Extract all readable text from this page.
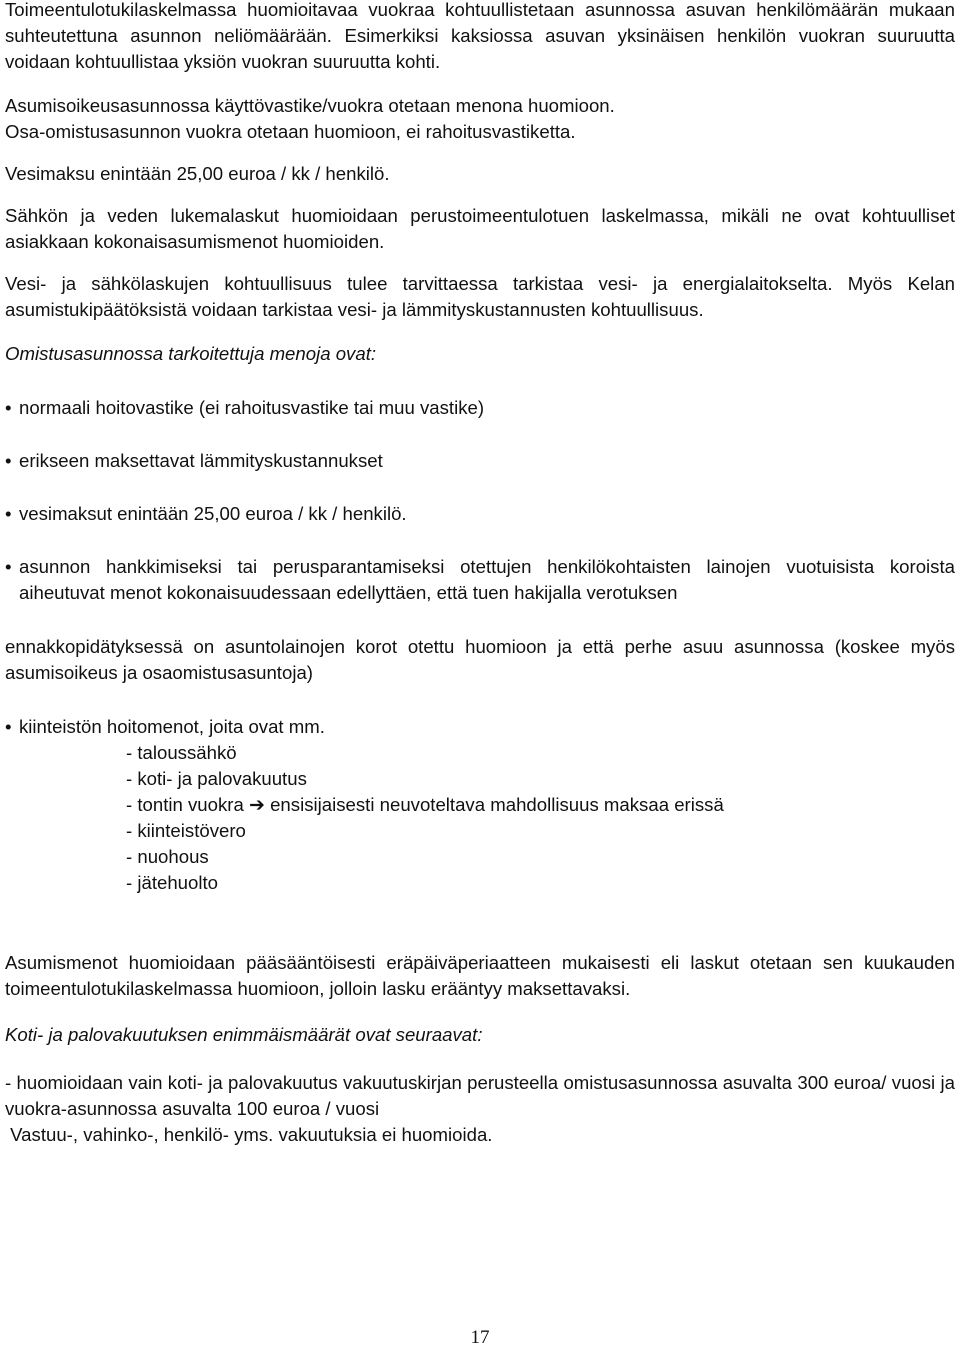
Toimeentulotukilaskelmassa huomioitavaa vuokraa kohtuullistetaan asunnossa asuvan henkilömäärän mukaan suhteutettuna asunnon neliömäärään. Esimerkiksi kaksiossa asuvan yksinäisen henkilön vuokran suuruutta voidaan kohtuullistaa yksiön vuokran suuruutta kohti.

Asumisoikeusasunnossa käyttövastike/vuokra otetaan menona huomioon.

Osa-omistusasunnon vuokra otetaan huomioon, ei rahoitusvastiketta.

Vesimaksu enintään 25,00 euroa / kk / henkilö.

Sähkön ja veden lukemalaskut huomioidaan perustoimeentulotuen laskelmassa, mikäli ne ovat kohtuulliset asiakkaan kokonaisasumismenot huomioiden.

Vesi- ja sähkölaskujen kohtuullisuus tulee tarvittaessa tarkistaa vesi- ja energialaitokselta. Myös Kelan asumistukipäätöksistä voidaan tarkistaa vesi- ja lämmityskustannusten kohtuullisuus.

Omistusasunnossa tarkoitettuja menoja ovat:

• normaali hoitovastike (ei rahoitusvastike tai muu vastike)
• erikseen maksettavat lämmityskustannukset
• vesimaksut enintään 25,00 euroa / kk / henkilö.
• asunnon hankkimiseksi tai perusparantamiseksi otettujen henkilökohtaisten lainojen vuotuisista koroista aiheutuvat menot kokonaisuudessaan edellyttäen, että tuen hakijalla verotuksen

ennakkopidätyksessä on asuntolainojen korot otettu huomioon ja että perhe asuu asunnossa (koskee myös asumisoikeus ja osaomistusasuntoja)

• kiinteistön hoitomenot, joita ovat mm.

- taloussähkö

- koti- ja palovakuutus

- tontin vuokra ➔ ensisijaisesti neuvoteltava mahdollisuus maksaa erissä

- kiinteistövero

- nuohous

- jätehuolto

Asumismenot huomioidaan pääsääntöisesti eräpäiväperiaatteen mukaisesti eli laskut otetaan sen kuukauden toimeentulotukilaskelmassa huomioon, jolloin lasku erääntyy maksettavaksi.

Koti- ja palovakuutuksen enimmäismäärät ovat seuraavat:

- huomioidaan vain koti- ja palovakuutus vakuutuskirjan perusteella omistusasunnossa asuvalta 300 euroa/ vuosi ja vuokra-asunnossa asuvalta 100 euroa / vuosi

Vastuu-, vahinko-, henkilö- yms. vakuutuksia ei huomioida.

17
